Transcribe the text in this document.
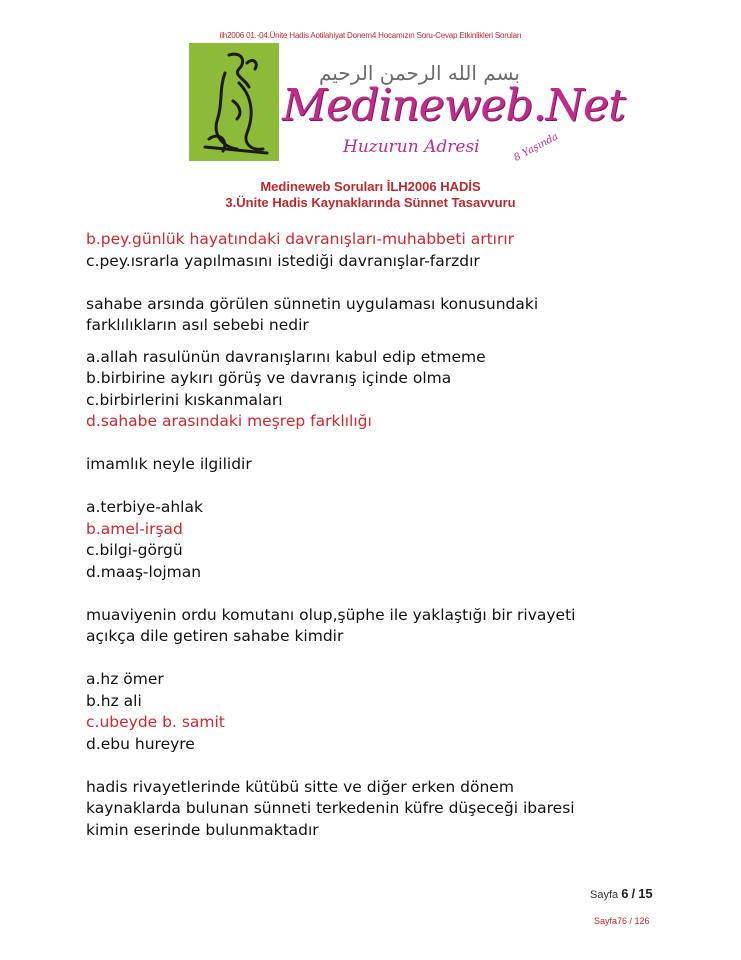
ilh2006 01.-04.Ünite Hadis Aotilahiyat Donem4 Hocamızın Soru-Cevap Etkinlikleri Soruları
بسم الله الرحمن الرحيم
Medineweb.Net
Huzurun Adresi	8 Yaşında
Medineweb Soruları İLH2006 HADİS
3.Ünite Hadis Kaynaklarında Sünnet Tasavvuru
b.pey.günlük hayatındaki davranışları-muhabbeti artırır
c.pey.ısrarla yapılmasını istediği davranışlar-farzdır
sahabe arsında görülen sünnetin uygulaması konusundaki
farklılıkların asıl sebebi nedir
a.allah rasulünün davranışlarını kabul edip etmeme
b.birbirine aykırı görüş ve davranış içinde olma
c.birbirlerini kıskanmaları
d.sahabe arasındaki meşrep farklılığı
imamlık neyle ilgilidir
a.terbiye-ahlak
b.amel-irşad
c.bilgi-görgü
d.maaş-lojman
muaviyenin ordu komutanı olup,şüphe ile yaklaştığı bir rivayeti
açıkça dile getiren sahabe kimdir
a.hz ömer
b.hz ali
c.ubeyde b. samit
d.ebu hureyre
hadis rivayetlerinde kütübü sitte ve diğer erken dönem
kaynaklarda bulunan sünneti terkedenin küfre düşeceği ibaresi
kimin eserinde bulunmaktadır
Sayfa 6 / 15
Sayfa76 / 126
